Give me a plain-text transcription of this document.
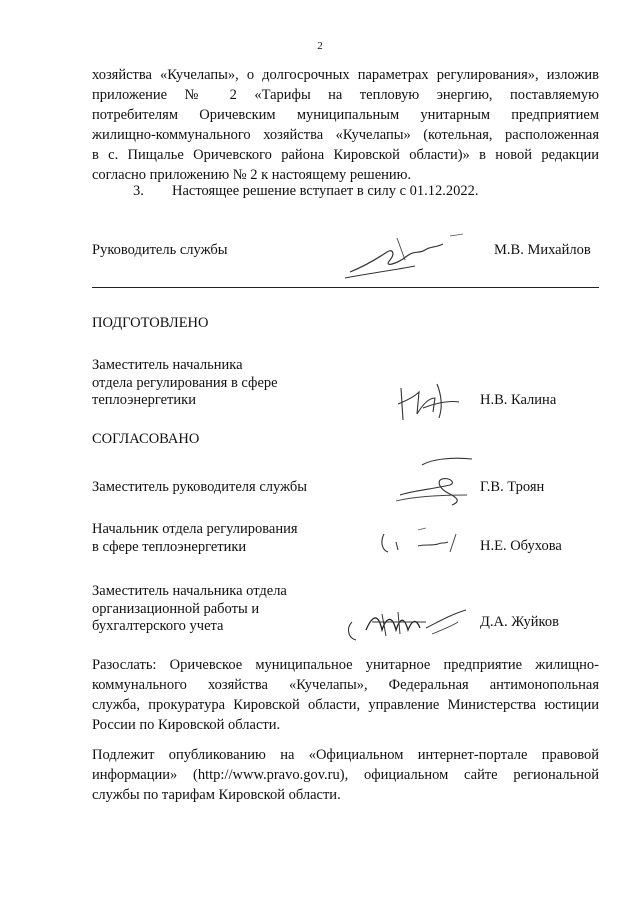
2
хозяйства «Кучелапы», о долгосрочных параметрах регулирования», изложив
приложение № 2 «Тарифы на тепловую энергию, поставляемую
потребителям Оричевским муниципальным унитарным предприятием
жилищно-коммунального хозяйства «Кучелапы» (котельная, расположенная
в с. Пищалье Оричевского района Кировской области)» в новой редакции
согласно приложению № 2 к настоящему решению.
3. Настоящее решение вступает в силу с 01.12.2022.
Руководитель службы	М.В. Михайлов
ПОДГОТОВЛЕНО
Заместитель начальника
отдела регулирования в сфере
теплоэнергетики	Н.В. Калина
СОГЛАСОВАНО
Заместитель руководителя службы	Г.В. Троян
Начальник отдела регулирования
в сфере теплоэнергетики	Н.Е. Обухова
Заместитель начальника отдела
организационной работы и
бухгалтерского учета	Д.А. Жуйков
Разослать: Оричевское муниципальное унитарное предприятие жилищно-
коммунального хозяйства «Кучелапы», Федеральная антимонопольная
служба, прокуратура Кировской области, управление Министерства юстиции
России по Кировской области.
Подлежит опубликованию на «Официальном интернет-портале правовой
информации» (http://www.pravo.gov.ru), официальном сайте региональной
службы по тарифам Кировской области.
